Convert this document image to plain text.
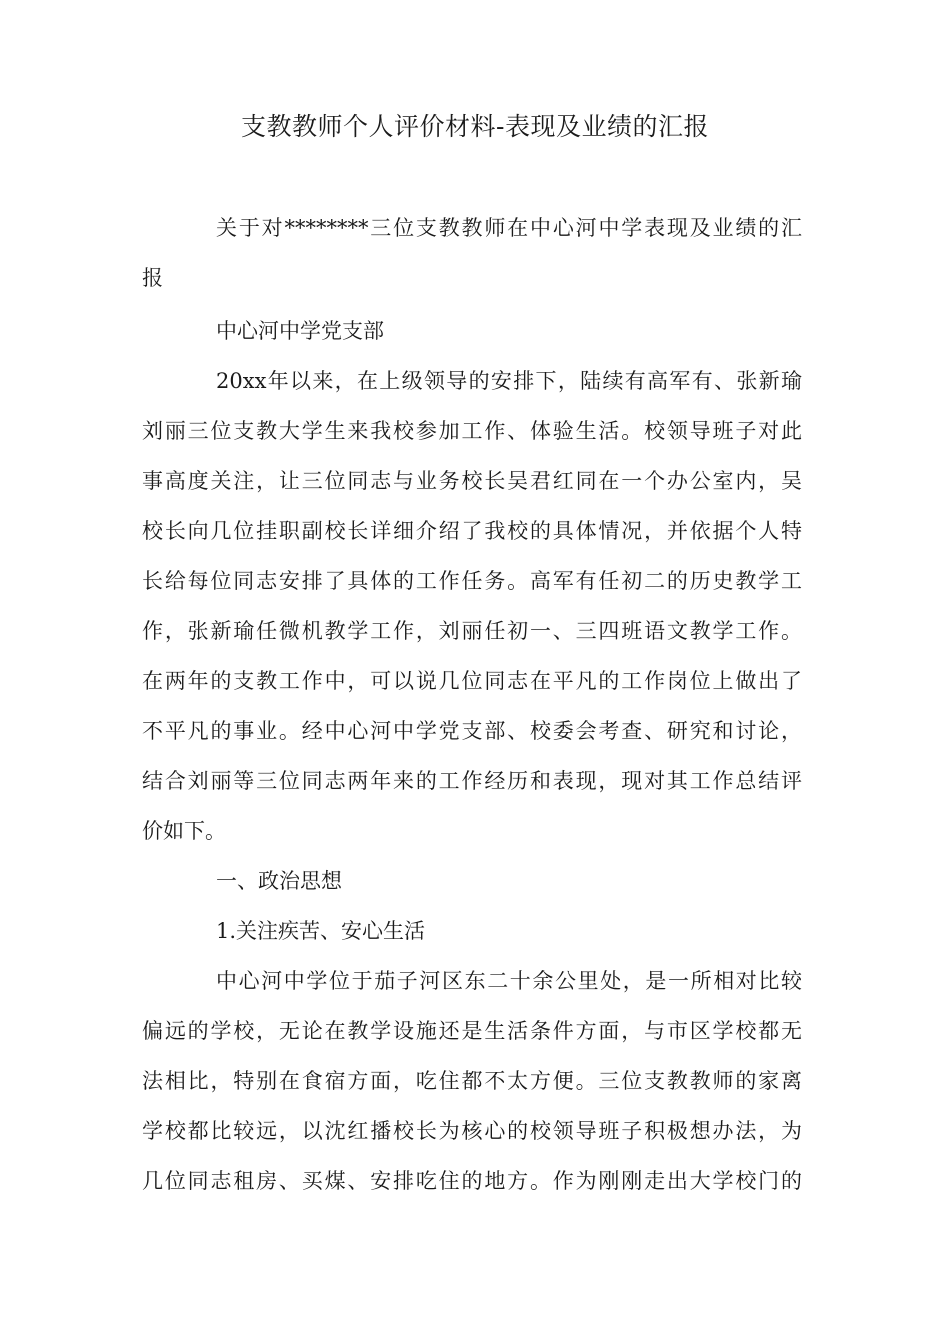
支教教师个人评价材料-表现及业绩的汇报
关于对********三位支教教师在中心河中学表现及业绩的汇
报
中心河中学党支部
20xx年以来，在上级领导的安排下，陆续有高军有、张新瑜
刘丽三位支教大学生来我校参加工作、体验生活。校领导班子对此
事高度关注，让三位同志与业务校长吴君红同在一个办公室内，吴
校长向几位挂职副校长详细介绍了我校的具体情况，并依据个人特
长给每位同志安排了具体的工作任务。高军有任初二的历史教学工
作，张新瑜任微机教学工作，刘丽任初一、三四班语文教学工作。
在两年的支教工作中，可以说几位同志在平凡的工作岗位上做出了
不平凡的事业。经中心河中学党支部、校委会考查、研究和讨论，
结合刘丽等三位同志两年来的工作经历和表现，现对其工作总结评
价如下。
一、政治思想
1.关注疾苦、安心生活
中心河中学位于茄子河区东二十余公里处，是一所相对比较
偏远的学校，无论在教学设施还是生活条件方面，与市区学校都无
法相比，特别在食宿方面，吃住都不太方便。三位支教教师的家离
学校都比较远，以沈红播校长为核心的校领导班子积极想办法，为
几位同志租房、买煤、安排吃住的地方。作为刚刚走出大学校门的
